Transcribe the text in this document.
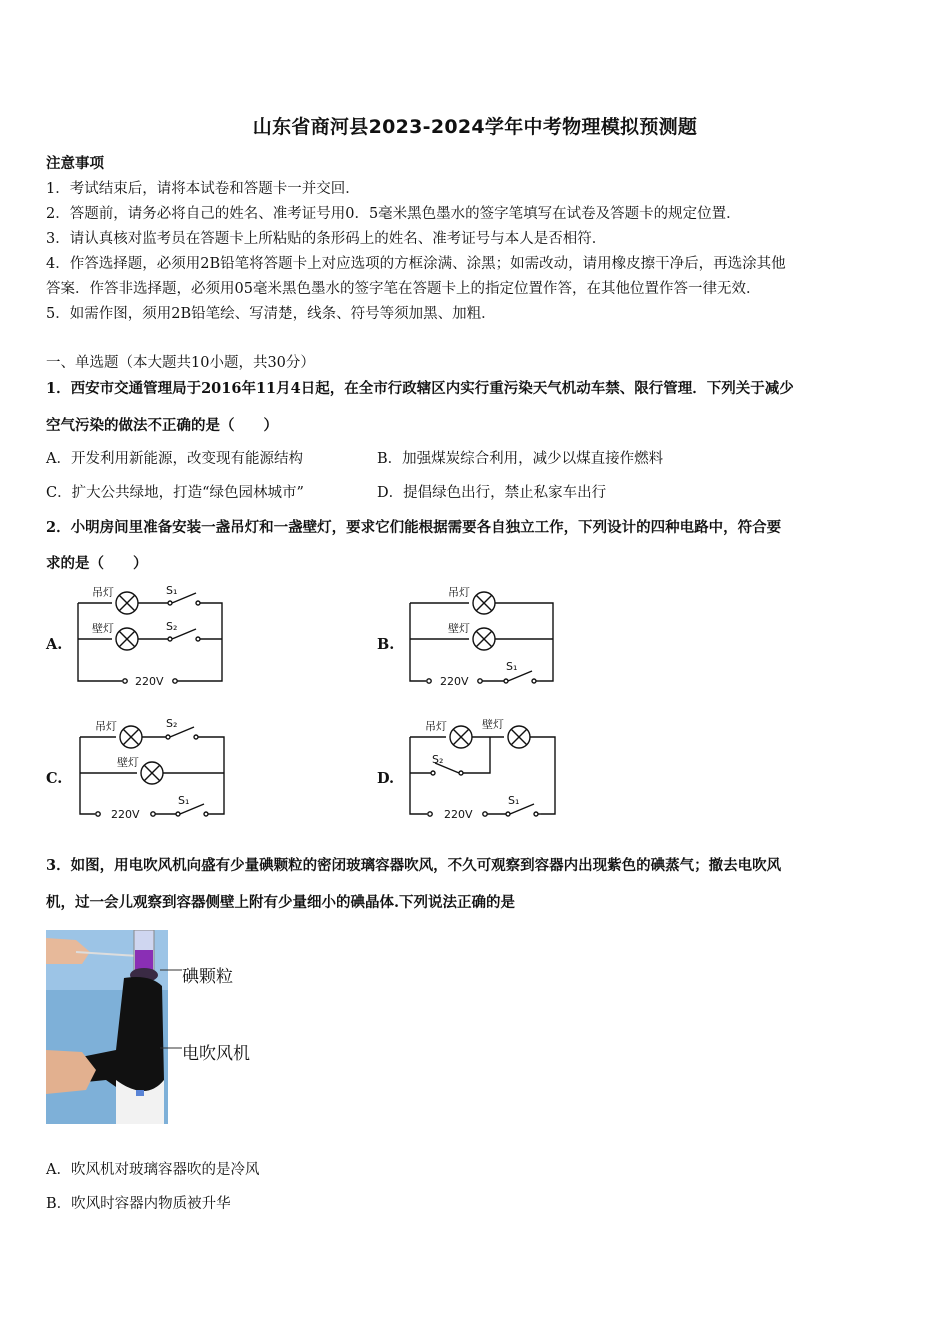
山东省商河县2023-2024学年中考物理模拟预测题
注意事项
1．考试结束后，请将本试卷和答题卡一并交回．
2．答题前，请务必将自己的姓名、准考证号用0．5毫米黑色墨水的签字笔填写在试卷及答题卡的规定位置．
3．请认真核对监考员在答题卡上所粘贴的条形码上的姓名、准考证号与本人是否相符．
4．作答选择题，必须用2B铅笔将答题卡上对应选项的方框涂满、涂黑；如需改动，请用橡皮擦干净后，再选涂其他
答案．作答非选择题，必须用05毫米黑色墨水的签字笔在答题卡上的指定位置作答，在其他位置作答一律无效．
5．如需作图，须用2B铅笔绘、写清楚，线条、符号等须加黑、加粗．
一、单选题（本大题共10小题，共30分）
1．西安市交通管理局于2016年11月4日起，在全市行政辖区内实行重污染天气机动车禁、限行管理．下列关于减少
空气污染的做法不正确的是（　　）
A．开发利用新能源，改变现有能源结构	B．加强煤炭综合利用，减少以煤直接作燃料
C．扩大公共绿地，打造“绿色园林城市”	D．提倡绿色出行，禁止私家车出行
2．小明房间里准备安装一盏吊灯和一盏壁灯，要求它们能根据需要各自独立工作，下列设计的四种电路中，符合要
求的是（　　）
A.	B.
C.	D.
吊灯	S₁
壁灯	S₂
220V
吊灯
壁灯
S₁
220V
吊灯	S₂
壁灯
S₁
220V
吊灯	壁灯
S₂
S₁
220V
3．如图，用电吹风机向盛有少量碘颗粒的密闭玻璃容器吹风，不久可观察到容器内出现紫色的碘蒸气；撤去电吹风
机，过一会儿观察到容器侧壁上附有少量细小的碘晶体.下列说法正确的是
碘颗粒
电吹风机
A．吹风机对玻璃容器吹的是冷风
B．吹风时容器内物质被升华
